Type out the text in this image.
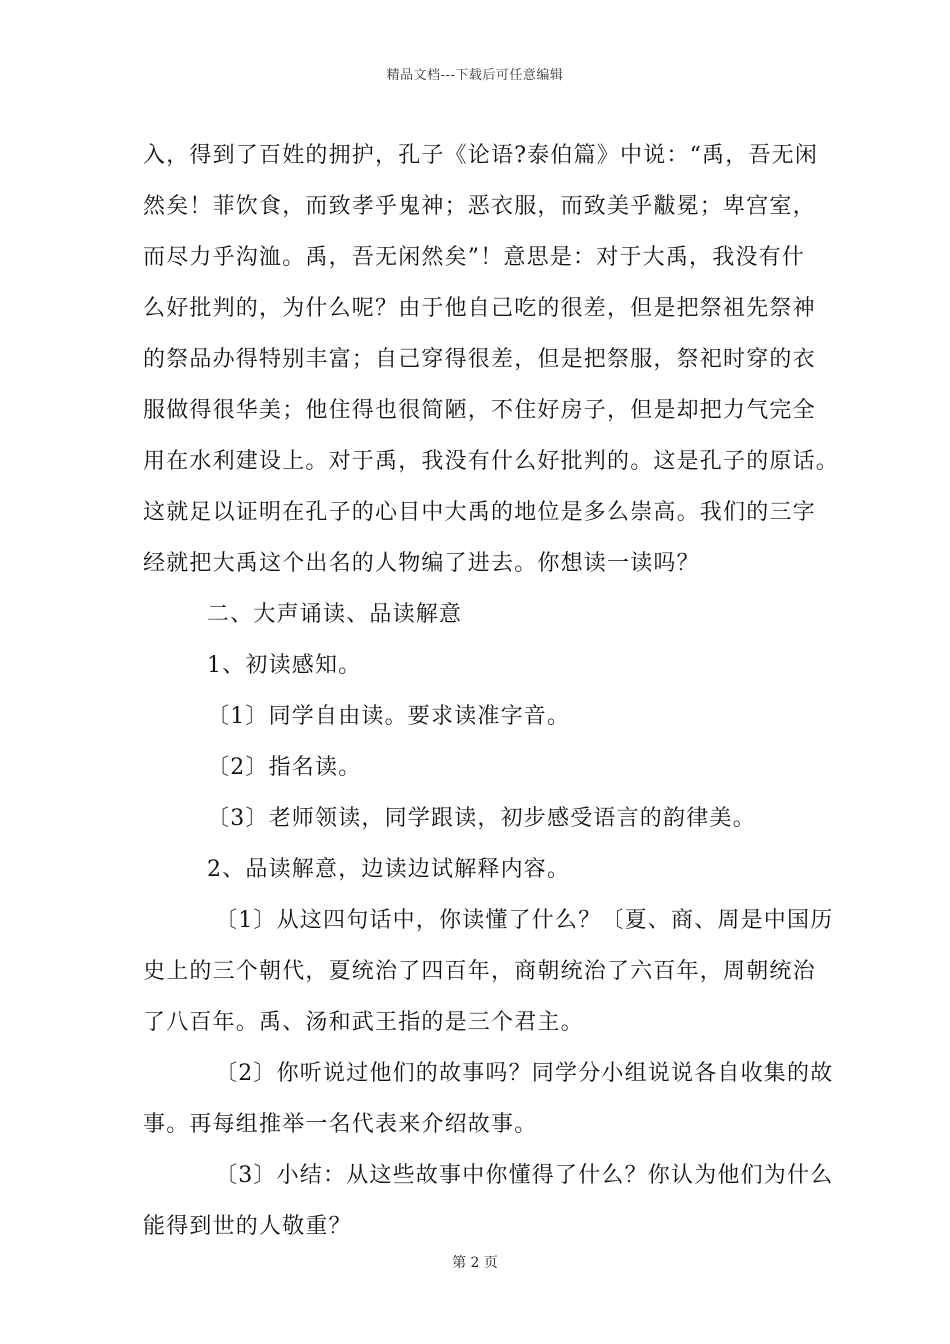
精品文档---下载后可任意编辑
入，得到了百姓的拥护，孔子《论语?泰伯篇》中说：“禹，吾无闲
然矣！菲饮食，而致孝乎鬼神；恶衣服，而致美乎黻冕；卑宫室，
而尽力乎沟洫。禹，吾无闲然矣”！意思是：对于大禹，我没有什
么好批判的，为什么呢？由于他自己吃的很差，但是把祭祖先祭神
的祭品办得特别丰富；自己穿得很差，但是把祭服，祭祀时穿的衣
服做得很华美；他住得也很简陋，不住好房子，但是却把力气完全
用在水利建设上。对于禹，我没有什么好批判的。这是孔子的原话。
这就足以证明在孔子的心目中大禹的地位是多么崇高。我们的三字
经就把大禹这个出名的人物编了进去。你想读一读吗？
二、大声诵读、品读解意
1、初读感知。
〔1〕同学自由读。要求读准字音。
〔2〕指名读。
〔3〕老师领读，同学跟读，初步感受语言的韵律美。
2、品读解意，边读边试解释内容。
〔1〕从这四句话中，你读懂了什么？〔夏、商、周是中国历
史上的三个朝代，夏统治了四百年，商朝统治了六百年，周朝统治
了八百年。禹、汤和武王指的是三个君主。
〔2〕你听说过他们的故事吗？同学分小组说说各自收集的故
事。再每组推举一名代表来介绍故事。
〔3〕小结：从这些故事中你懂得了什么？你认为他们为什么
能得到世的人敬重？
第 2 页
